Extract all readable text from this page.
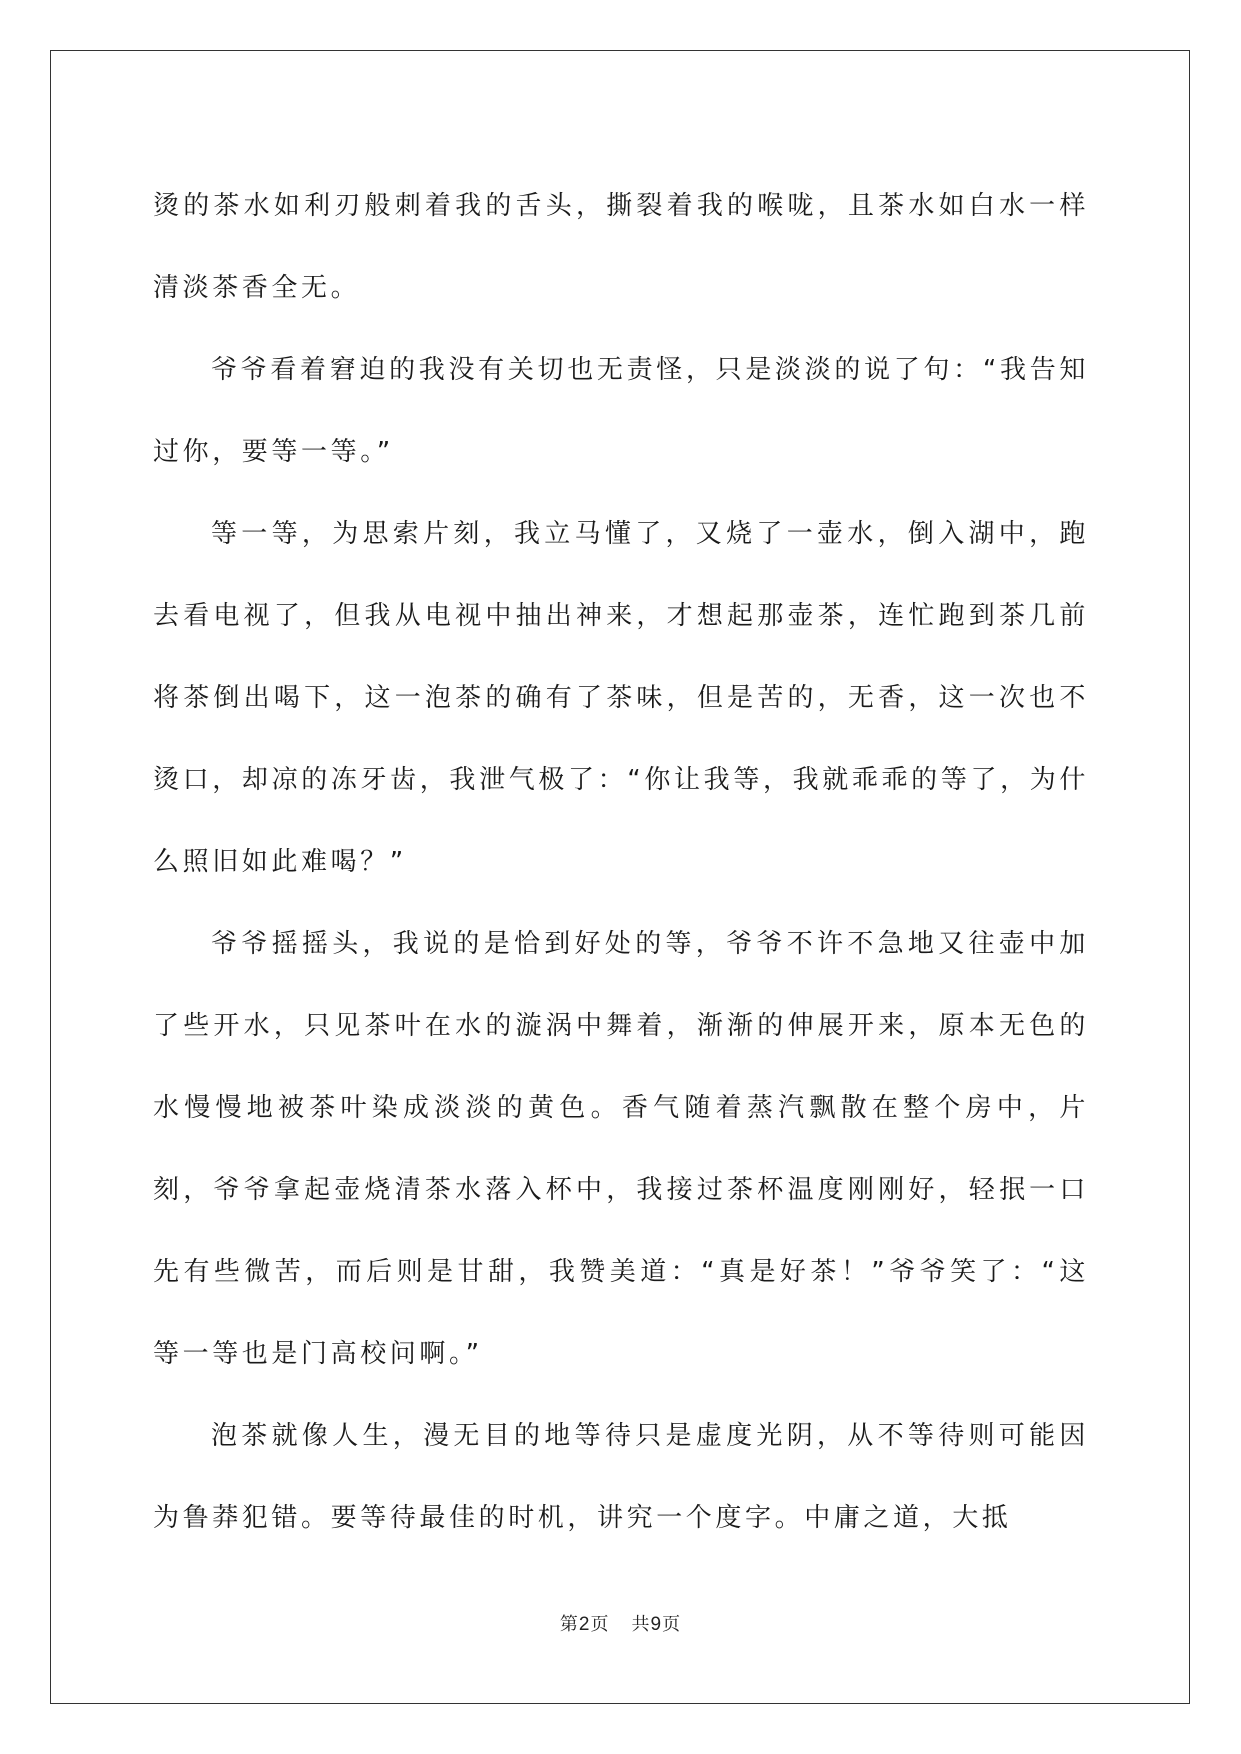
烫的茶水如利刃般刺着我的舌头，撕裂着我的喉咙，且茶水如白水一样清淡茶香全无。

爷爷看着窘迫的我没有关切也无责怪，只是淡淡的说了句：“我告知过你，要等一等。”

等一等，为思索片刻，我立马懂了，又烧了一壶水，倒入湖中，跑去看电视了，但我从电视中抽出神来，才想起那壶茶，连忙跑到茶几前将茶倒出喝下，这一泡茶的确有了茶味，但是苦的，无香，这一次也不烫口，却凉的冻牙齿，我泄气极了：“你让我等，我就乖乖的等了，为什么照旧如此难喝？”

爷爷摇摇头，我说的是恰到好处的等，爷爷不许不急地又往壶中加了些开水，只见茶叶在水的漩涡中舞着，渐渐的伸展开来，原本无色的水慢慢地被茶叶染成淡淡的黄色。香气随着蒸汽飘散在整个房中，片刻，爷爷拿起壶烧清茶水落入杯中，我接过茶杯温度刚刚好，轻抿一口先有些微苦，而后则是甘甜，我赞美道：“真是好茶！”爷爷笑了：“这等一等也是门高校问啊。”

泡茶就像人生，漫无目的地等待只是虚度光阴，从不等待则可能因为鲁莽犯错。要等待最佳的时机，讲究一个度字。中庸之道，大抵

第2页 共9页
